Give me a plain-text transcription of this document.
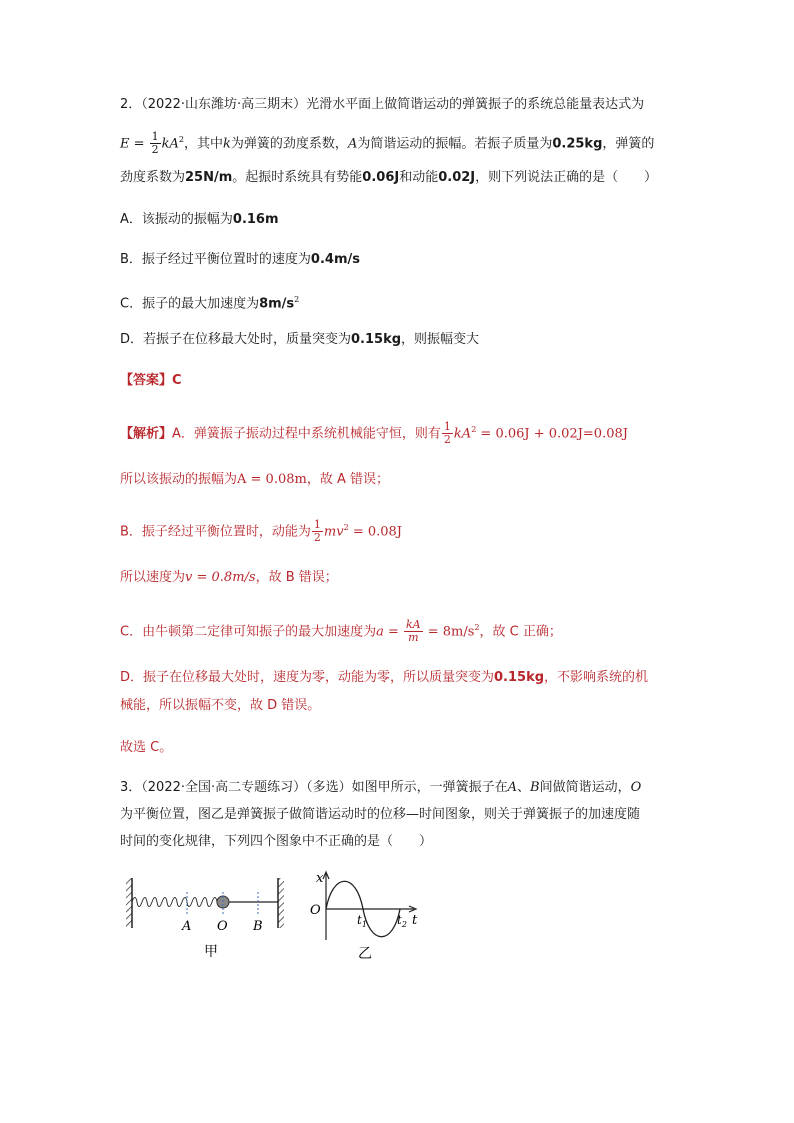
2．（2022·山东潍坊·高三期末）光滑水平面上做简谐运动的弹簧振子的系统总能量表达式为
$E = \frac{1}{2} kA^2$，其中k为弹簧的劲度系数，A为简谐运动的振幅。若振子质量为0.25kg，弹簧的
劲度系数为25N/m。起振时系统具有势能0.06J和动能0.02J，则下列说法正确的是（　　）
A．该振动的振幅为0.16m
B．振子经过平衡位置时的速度为0.4m/s
C．振子的最大加速度为$8m/s^2$
D．若振子在位移最大处时，质量突变为0.15kg，则振幅变大
【答案】C
【解析】A．弹簧振子振动过程中系统机械能守恒，则有 $\frac{1}{2} kA^2 = 0.06J + 0.02J=0.08J$
所以该振动的振幅为A = 0.08m，故 A 错误；
B．振子经过平衡位置时，动能为 $\frac{1}{2} mv^2 = 0.08J$
所以速度为v = 0.8m/s，故 B 错误；
C．由牛顿第二定律可知振子的最大加速度为$a = \frac{kA}{m} = 8m/s^2$，故 C 正确；
D．振子在位移最大处时，速度为零，动能为零，所以质量突变为0.15kg，不影响系统的机
械能，所以振幅不变，故 D 错误。
故选 C。
3．（2022·全国·高二专题练习）（多选）如图甲所示，一弹簧振子在A、B间做简谐运动，O
为平衡位置，图乙是弹簧振子做简谐运动时的位移—时间图象，则关于弹簧振子的加速度随
时间的变化规律，下列四个图象中不正确的是（　　）
A O B
甲
x
O
$t_1$	$t_2$ t
乙
